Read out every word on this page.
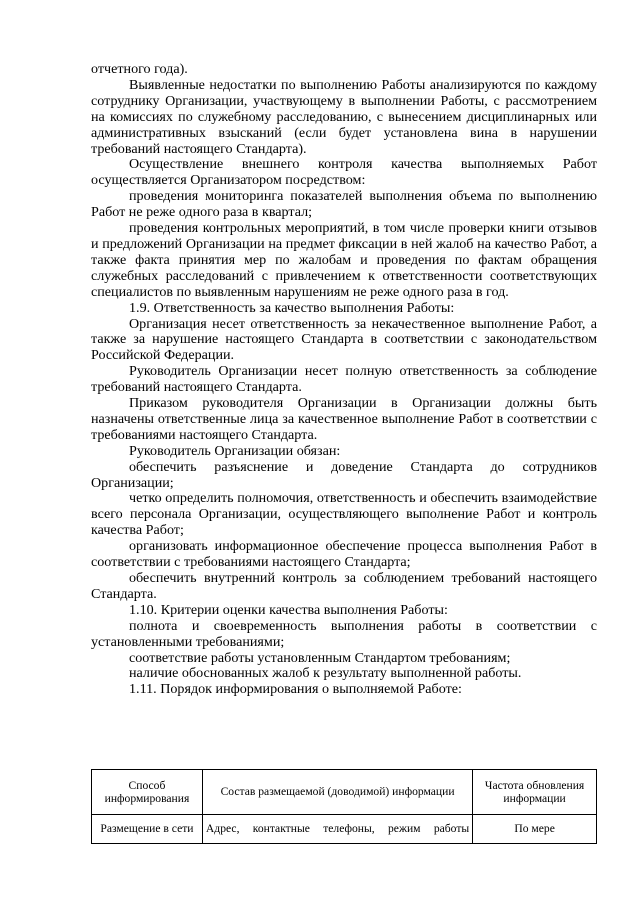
отчетного года).

Выявленные недостатки по выполнению Работы анализируются по каждому сотруднику Организации, участвующему в выполнении Работы, с рассмотрением на комиссиях по служебному расследованию, с вынесением дисциплинарных или административных взысканий (если будет установлена вина в нарушении требований настоящего Стандарта).

Осуществление внешнего контроля качества выполняемых Работ осуществляется Организатором посредством:

проведения мониторинга показателей выполнения объема по выполнению Работ не реже одного раза в квартал;

проведения контрольных мероприятий, в том числе проверки книги отзывов и предложений Организации на предмет фиксации в ней жалоб на качество Работ, а также факта принятия мер по жалобам и проведения по фактам обращения служебных расследований с привлечением к ответственности соответствующих специалистов по выявленным нарушениям не реже одного раза в год.

1.9. Ответственность за качество выполнения Работы:

Организация несет ответственность за некачественное выполнение Работ, а также за нарушение настоящего Стандарта в соответствии с законодательством Российской Федерации.

Руководитель Организации несет полную ответственность за соблюдение требований настоящего Стандарта.

Приказом руководителя Организации в Организации должны быть назначены ответственные лица за качественное выполнение Работ в соответствии с требованиями настоящего Стандарта.

Руководитель Организации обязан:

обеспечить разъяснение и доведение Стандарта до сотрудников Организации;

четко определить полномочия, ответственность и обеспечить взаимодействие всего персонала Организации, осуществляющего выполнение Работ и контроль качества Работ;

организовать информационное обеспечение процесса выполнения Работ в соответствии с требованиями настоящего Стандарта;

обеспечить внутренний контроль за соблюдением требований настоящего Стандарта.

1.10. Критерии оценки качества выполнения Работы:

полнота и своевременность выполнения работы в соответствии с установленными требованиями;

соответствие работы установленным Стандартом требованиям;

наличие обоснованных жалоб к результату выполненной работы.

1.11. Порядок информирования о выполняемой Работе:

Способ информирования	Состав размещаемой (доводимой) информации	Частота обновления информации
Размещение в сети	Адрес, контактные телефоны, режим работы	По мере
